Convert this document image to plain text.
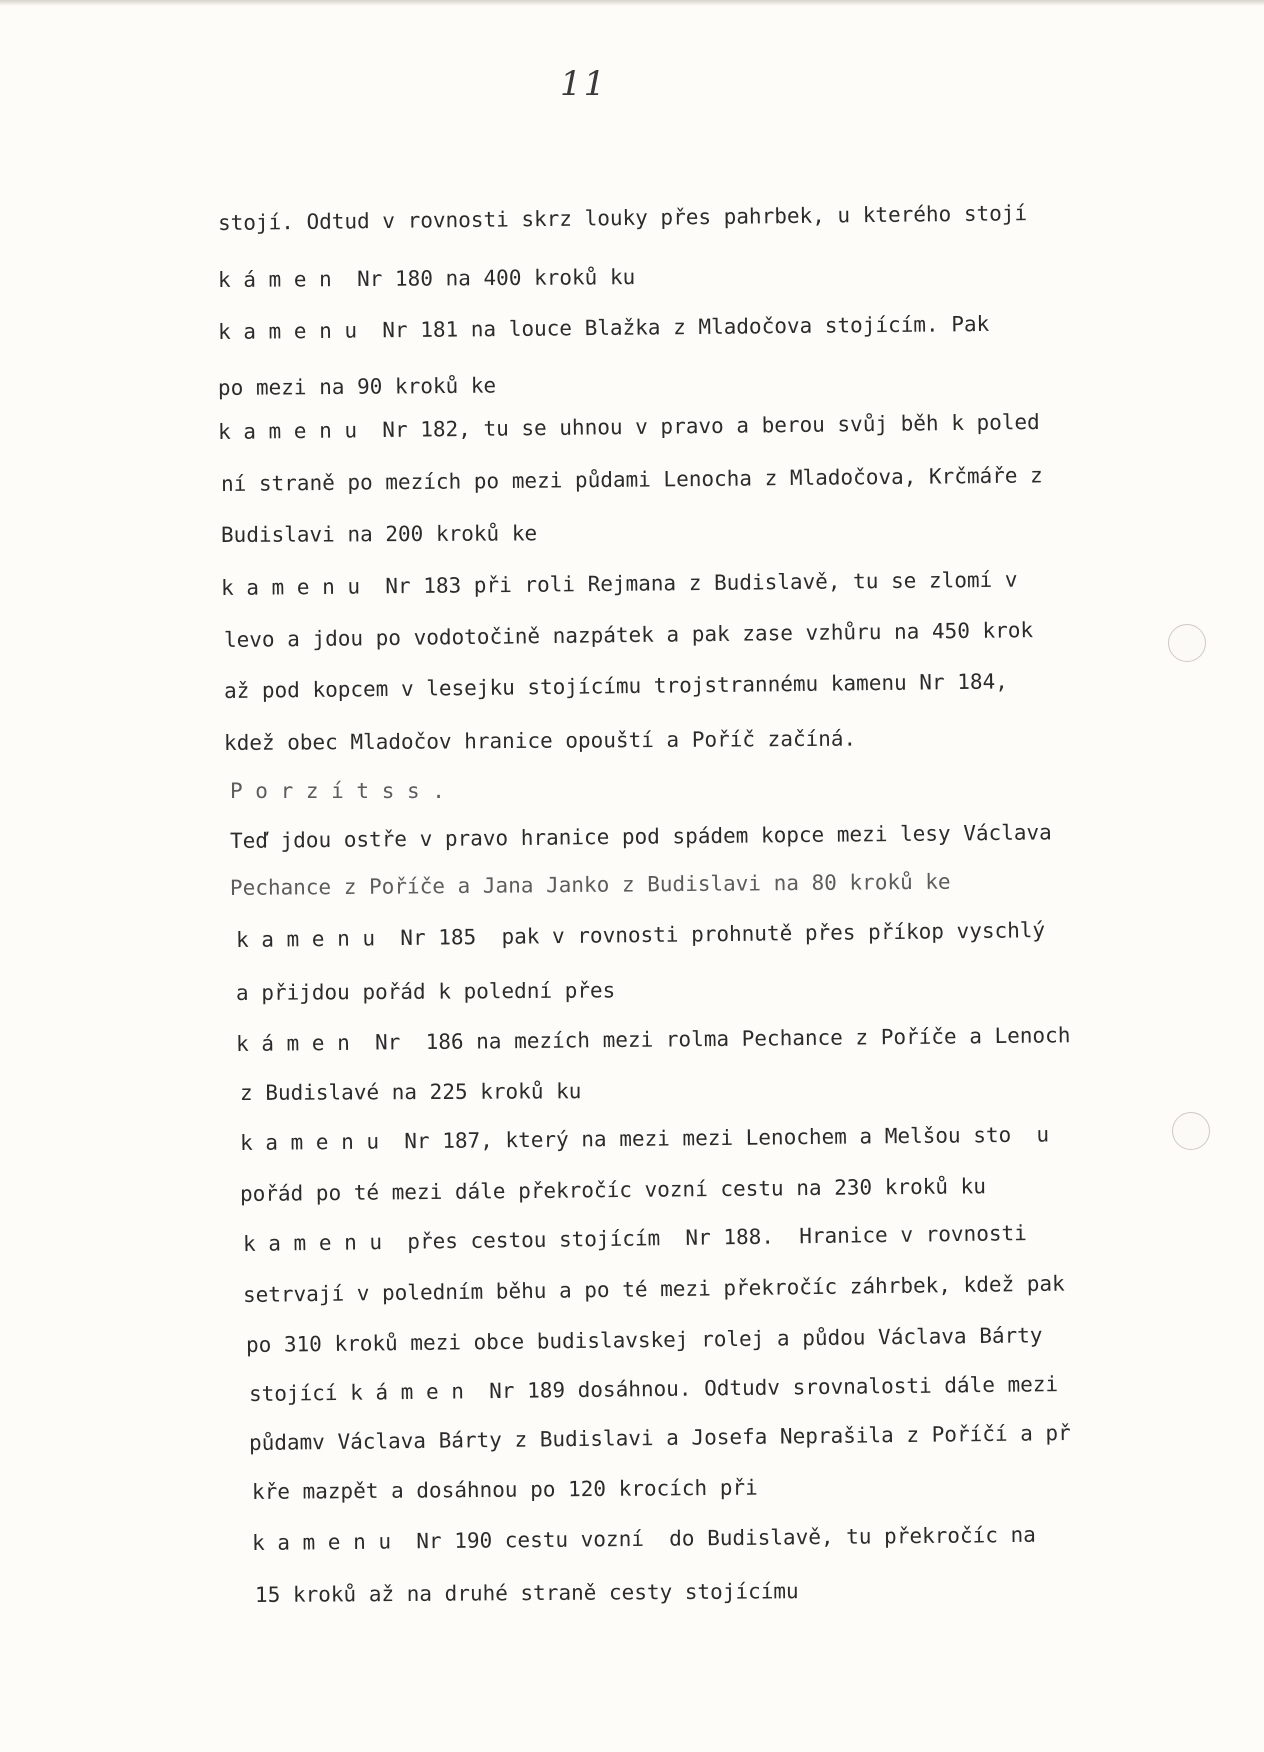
11
stojí. Odtud v rovnosti skrz louky přes pahrbek, u kterého stojí
k á m e n  Nr 180 na 400 kroků ku
k a m e n u  Nr 181 na louce Blažka z Mladočova stojícím. Pak
po mezi na 90 kroků ke
k a m e n u  Nr 182, tu se uhnou v pravo a berou svůj běh k poled
ní straně po mezích po mezi půdami Lenocha z Mladočova, Krčmáře z
Budislavi na 200 kroků ke
k a m e n u  Nr 183 při roli Rejmana z Budislavě, tu se zlomí v
levo a jdou po vodotočině nazpátek a pak zase vzhůru na 450 krok
až pod kopcem v lesejku stojícímu trojstrannému kamenu Nr 184,
kdež obec Mladočov hranice opouští a Poříč začíná.
P o r z í t s s .
Teď jdou ostře v pravo hranice pod spádem kopce mezi lesy Václava
Pechance z Poříče a Jana Janko z Budislavi na 80 kroků ke
k a m e n u  Nr 185  pak v rovnosti prohnutě přes příkop vyschlý
a přijdou pořád k polední přes
k á m e n  Nr  186 na mezích mezi rolma Pechance z Poříče a Lenoch
z Budislavé na 225 kroků ku
k a m e n u  Nr 187, který na mezi mezi Lenochem a Melšou sto  u
pořád po té mezi dále překročíc vozní cestu na 230 kroků ku
k a m e n u  přes cestou stojícím  Nr 188.  Hranice v rovnosti
setrvají v poledním běhu a po té mezi překročíc záhrbek, kdež pak
po 310 kroků mezi obce budislavskej rolej a půdou Václava Bárty
stojící k á m e n  Nr 189 dosáhnou. Odtudv srovnalosti dále mezi
půdamv Václava Bárty z Budislavi a Josefa Neprašila z Poříčí a př
kře mazpět a dosáhnou po 120 krocích při
k a m e n u  Nr 190 cestu vozní  do Budislavě, tu překročíc na
15 kroků až na druhé straně cesty stojícímu
